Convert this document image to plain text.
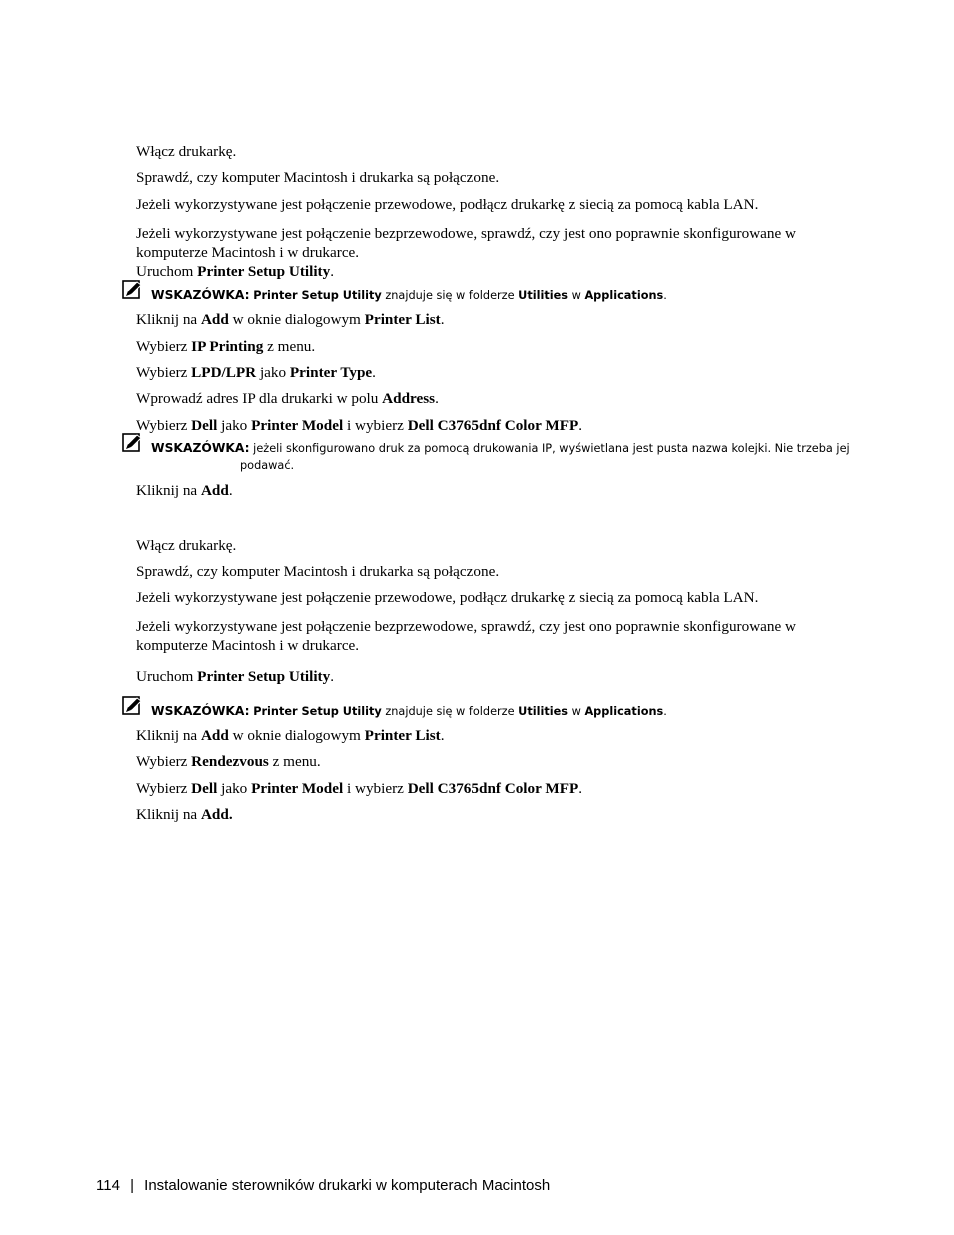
Włącz drukarkę.

Sprawdź, czy komputer Macintosh i drukarka są połączone.

Jeżeli wykorzystywane jest połączenie przewodowe, podłącz drukarkę z siecią za pomocą kabla LAN.

Jeżeli wykorzystywane jest połączenie bezprzewodowe, sprawdź, czy jest ono poprawnie skonfigurowane w komputerze Macintosh i w drukarce.

Uruchom Printer Setup Utility.

WSKAZÓWKA: Printer Setup Utility znajduje się w folderze Utilities w Applications.

Kliknij na Add w oknie dialogowym Printer List.

Wybierz IP Printing z menu.

Wybierz LPD/LPR jako Printer Type.

Wprowadź adres IP dla drukarki w polu Address.

Wybierz Dell jako Printer Model i wybierz Dell C3765dnf Color MFP.

WSKAZÓWKA: jeżeli skonfigurowano druk za pomocą drukowania IP, wyświetlana jest pusta nazwa kolejki. Nie trzeba jej
podawać.

Kliknij na Add.

Włącz drukarkę.

Sprawdź, czy komputer Macintosh i drukarka są połączone.

Jeżeli wykorzystywane jest połączenie przewodowe, podłącz drukarkę z siecią za pomocą kabla LAN.

Jeżeli wykorzystywane jest połączenie bezprzewodowe, sprawdź, czy jest ono poprawnie skonfigurowane w komputerze Macintosh i w drukarce.

Uruchom Printer Setup Utility.

WSKAZÓWKA: Printer Setup Utility znajduje się w folderze Utilities w Applications.

Kliknij na Add w oknie dialogowym Printer List.

Wybierz Rendezvous z menu.

Wybierz Dell jako Printer Model i wybierz Dell C3765dnf Color MFP.

Kliknij na Add.

114 | Instalowanie sterowników drukarki w komputerach Macintosh
